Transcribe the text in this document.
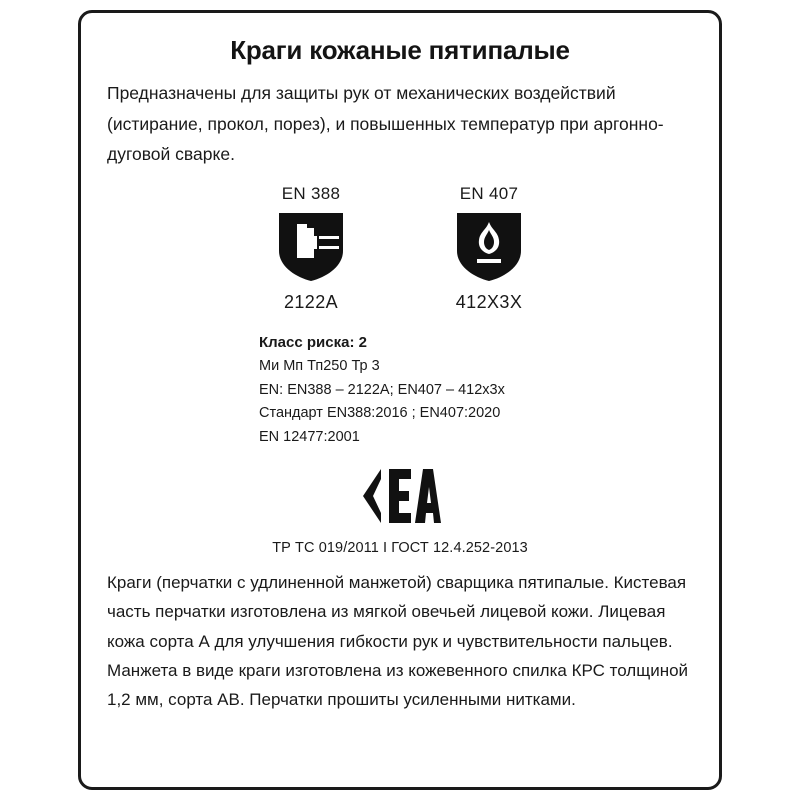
Краги кожаные пятипалые

Предназначены для защиты рук от механических воздействий (истирание, прокол, порез), и повышенных температур при аргонно-дуговой сварке.

EN 388
2122A
EN 407
412X3X
Класс риска: 2
Ми Мп Тп250 Тр 3
EN: EN388 – 2122A; EN407 – 412x3x
Стандарт EN388:2016 ; EN407:2020
EN 12477:2001
ТР ТС 019/2011 I ГОСТ 12.4.252-2013

Краги (перчатки с удлиненной манжетой) сварщика пятипалые. Кистевая часть перчатки изготовлена из мягкой овечьей лицевой кожи. Лицевая кожа сорта А для улучшения гибкости рук и чувствительности пальцев. Манжета в виде краги изготовлена из кожевенного спилка КРС толщиной 1,2 мм, сорта АВ. Перчатки прошиты усиленными нитками.
